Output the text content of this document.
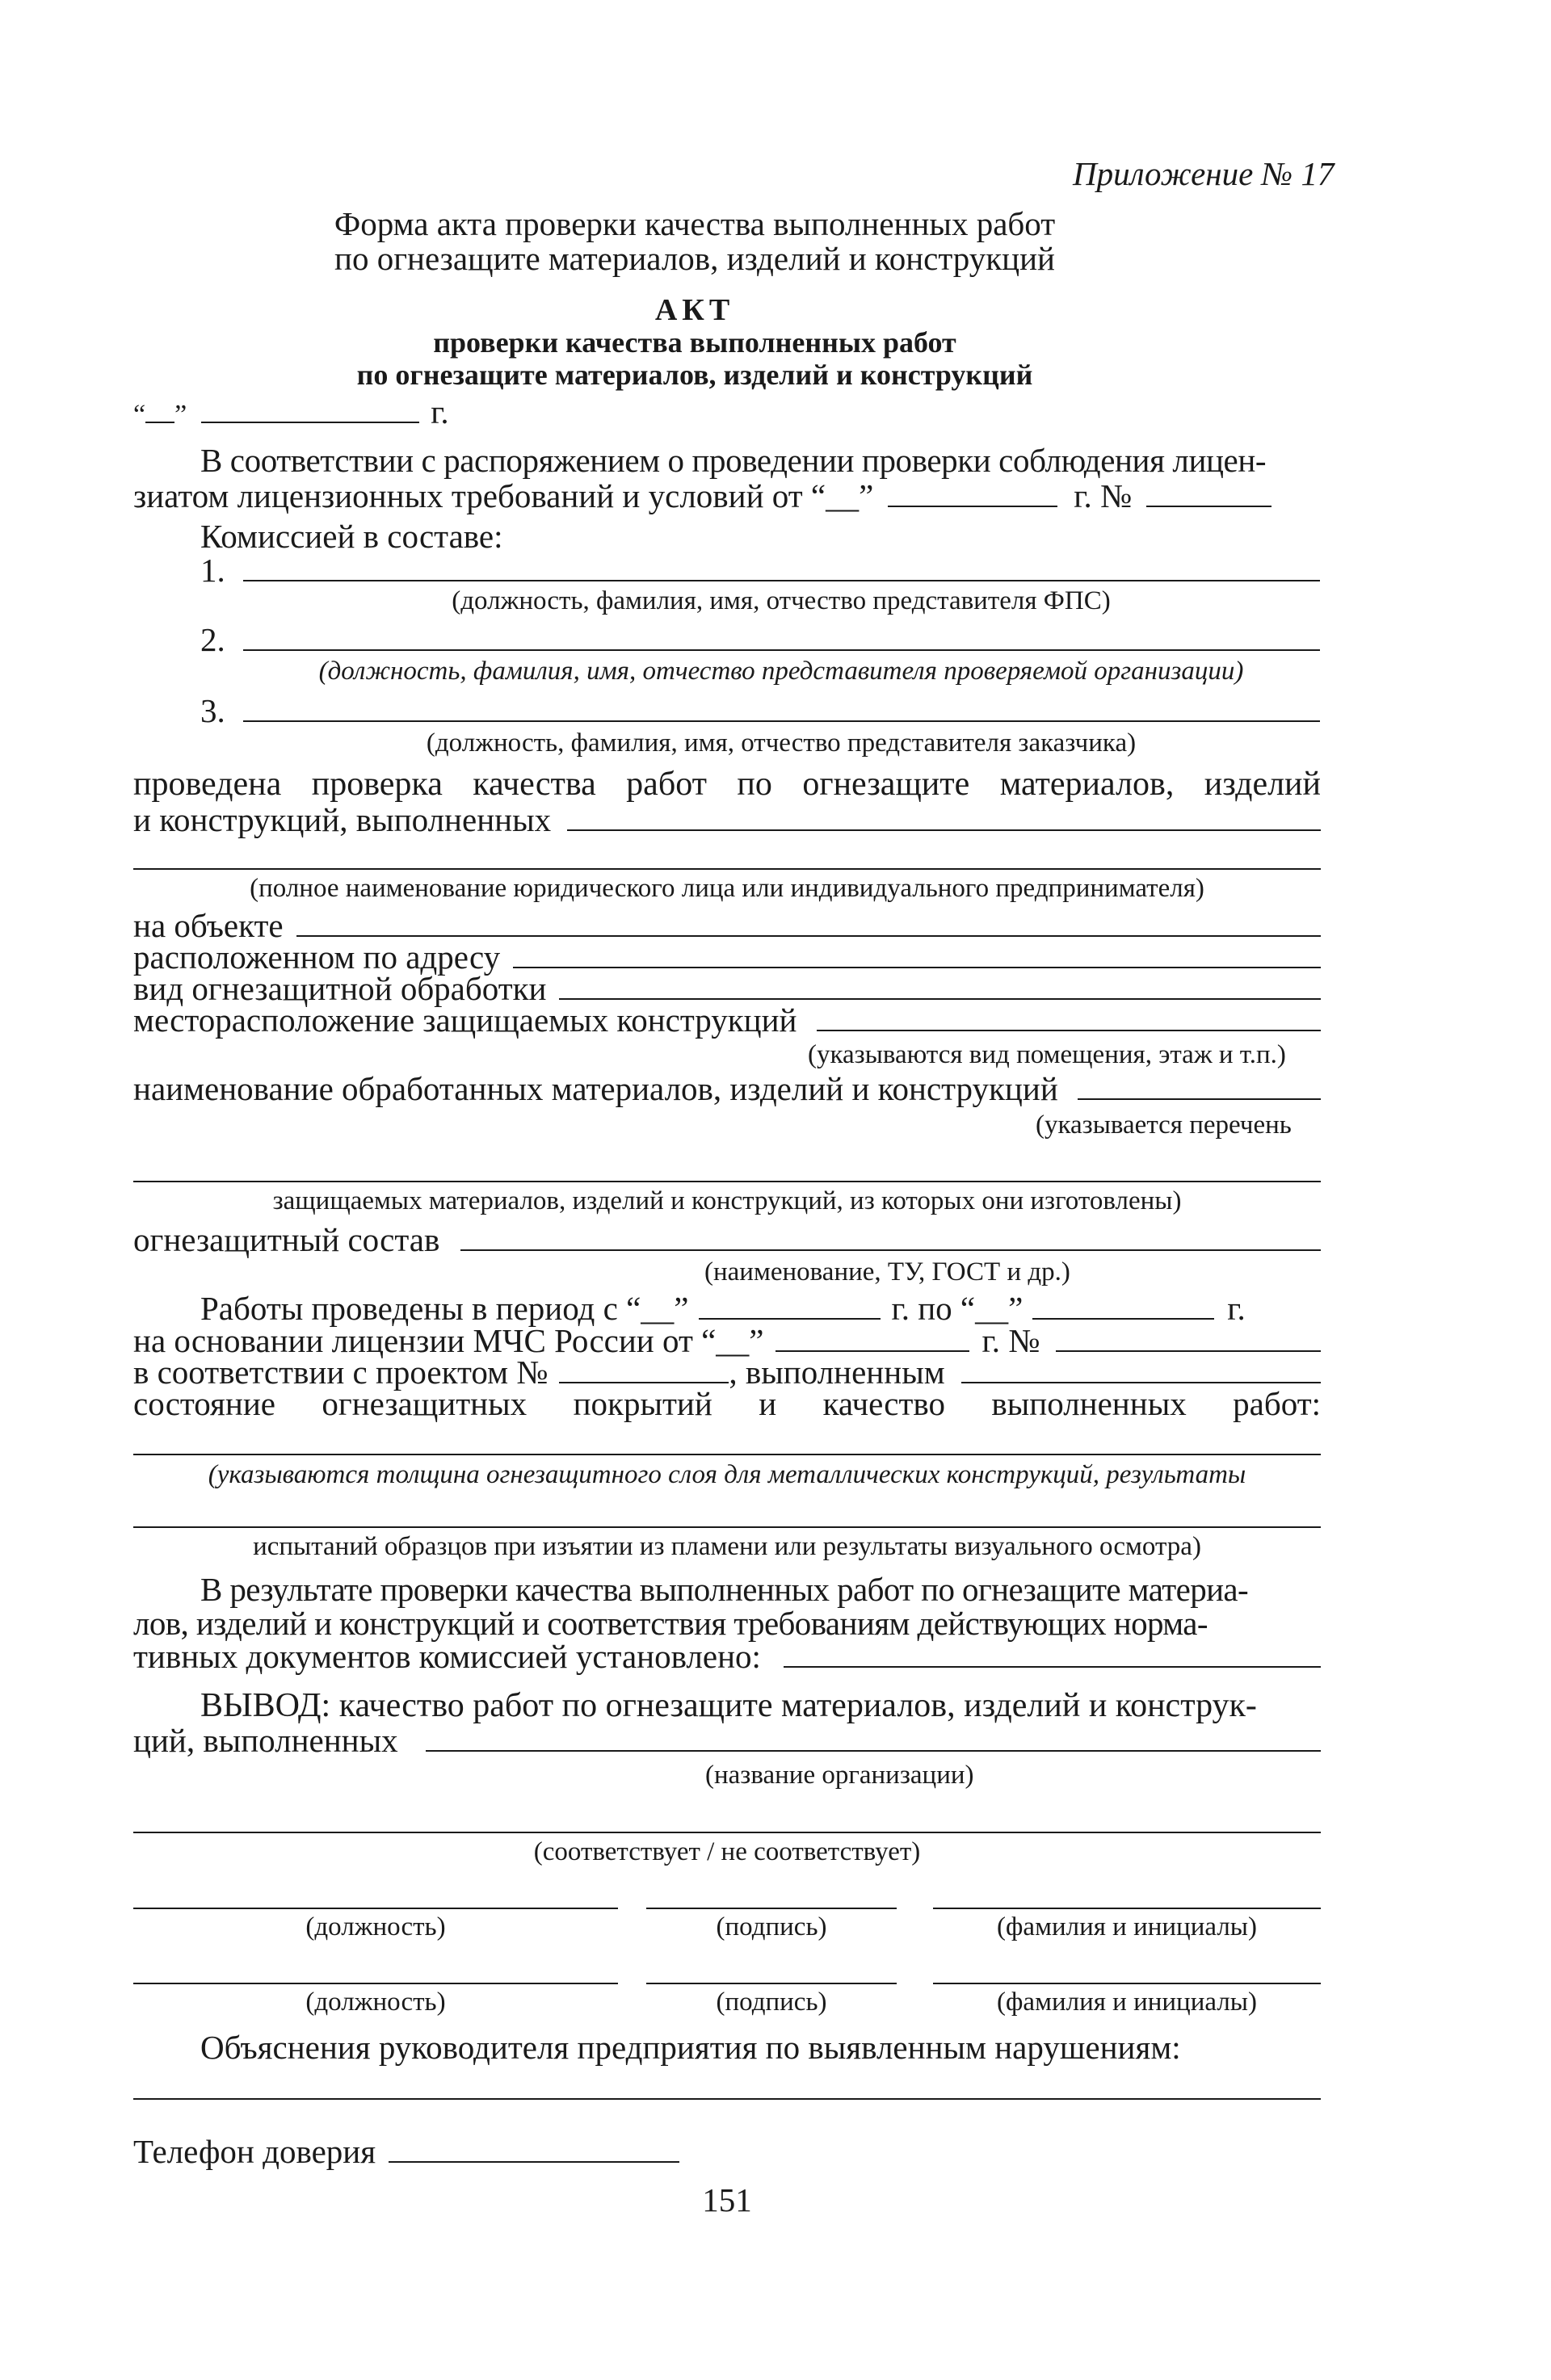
Приложение № 17
Форма акта проверки качества выполненных работ
по огнезащите материалов, изделий и конструкций
АКТ
проверки качества выполненных работ
по огнезащите материалов, изделий и конструкций
“ ”	г.
В соответствии с распоряжением о проведении проверки соблюдения лицен-
зиатом лицензионных требований и условий от “__”	г. №
Комиссией в составе:
1.
(должность, фамилия, имя, отчество представителя ФПС)
2.
(должность, фамилия, имя, отчество представителя проверяемой организации)
3.
(должность, фамилия, имя, отчество представителя заказчика)
проведена проверка качества работ по огнезащите материалов, изделий
и конструкций, выполненных
(полное наименование юридического лица или индивидуального предпринимателя)
на объекте
расположенном по адресу
вид огнезащитной обработки
месторасположение защищаемых конструкций
(указываются вид помещения, этаж и т.п.)
наименование обработанных материалов, изделий и конструкций
(указывается перечень
защищаемых материалов, изделий и конструкций, из которых они изготовлены)
огнезащитный состав
(наименование, ТУ, ГОСТ и др.)
Работы проведены в период с “__”	г. по “__”	г.
на основании лицензии МЧС России от “__”	г. №
в соответствии с проектом №	, выполненным
состояние огнезащитных покрытий и качество выполненных работ:
(указываются толщина огнезащитного слоя для металлических конструкций, результаты
испытаний образцов при изъятии из пламени или результаты визуального осмотра)
В результате проверки качества выполненных работ по огнезащите материа-
лов, изделий и конструкций и соответствия требованиям действующих норма-
тивных документов комиссией установлено:
ВЫВОД: качество работ по огнезащите материалов, изделий и конструк-
ций, выполненных
(название организации)
(соответствует / не соответствует)
(должность)	(подпись)	(фамилия и инициалы)
(должность)	(подпись)	(фамилия и инициалы)
Объяснения руководителя предприятия по выявленным нарушениям:
Телефон доверия
151
